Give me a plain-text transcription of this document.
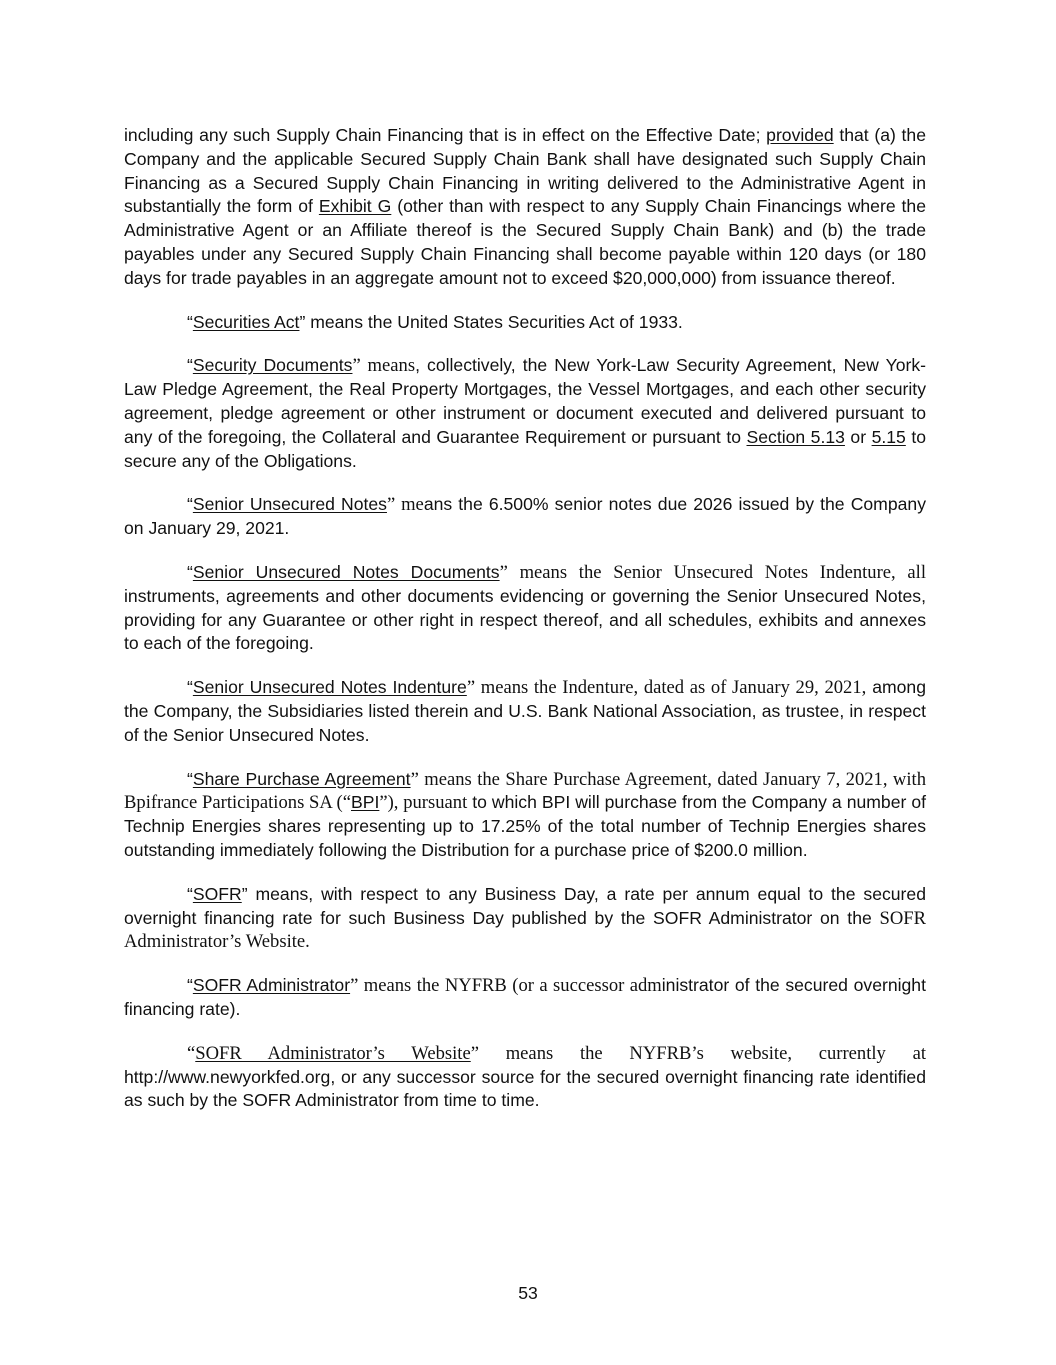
including any such Supply Chain Financing that is in effect on the Effective Date; provided that (a) the Company and the applicable Secured Supply Chain Bank shall have designated such Supply Chain Financing as a Secured Supply Chain Financing in writing delivered to the Administrative Agent in substantially the form of Exhibit G (other than with respect to any Supply Chain Financings where the Administrative Agent or an Affiliate thereof is the Secured Supply Chain Bank) and (b) the trade payables under any Secured Supply Chain Financing shall become payable within 120 days (or 180 days for trade payables in an aggregate amount not to exceed $20,000,000) from issuance thereof.

“Securities Act” means the United States Securities Act of 1933.

“Security Documents” means, collectively, the New York-Law Security Agreement, New York-Law Pledge Agreement, the Real Property Mortgages, the Vessel Mortgages, and each other security agreement, pledge agreement or other instrument or document executed and delivered pursuant to any of the foregoing, the Collateral and Guarantee Requirement or pursuant to Section 5.13 or 5.15 to secure any of the Obligations.

“Senior Unsecured Notes” means the 6.500% senior notes due 2026 issued by the Company on January 29, 2021.

“Senior Unsecured Notes Documents” means the Senior Unsecured Notes Indenture, all instruments, agreements and other documents evidencing or governing the Senior Unsecured Notes, providing for any Guarantee or other right in respect thereof, and all schedules, exhibits and annexes to each of the foregoing.

“Senior Unsecured Notes Indenture” means the Indenture, dated as of January 29, 2021, among the Company, the Subsidiaries listed therein and U.S. Bank National Association, as trustee, in respect of the Senior Unsecured Notes.

“Share Purchase Agreement” means the Share Purchase Agreement, dated January 7, 2021, with Bpifrance Participations SA (“BPI”), pursuant to which BPI will purchase from the Company a number of Technip Energies shares representing up to 17.25% of the total number of Technip Energies shares outstanding immediately following the Distribution for a purchase price of $200.0 million.

“SOFR” means, with respect to any Business Day, a rate per annum equal to the secured overnight financing rate for such Business Day published by the SOFR Administrator on the SOFR Administrator’s Website.

“SOFR Administrator” means the NYFRB (or a successor administrator of the secured overnight financing rate).

“SOFR Administrator’s Website” means the NYFRB’s website, currently at http://www.newyorkfed.org, or any successor source for the secured overnight financing rate identified as such by the SOFR Administrator from time to time.

53
